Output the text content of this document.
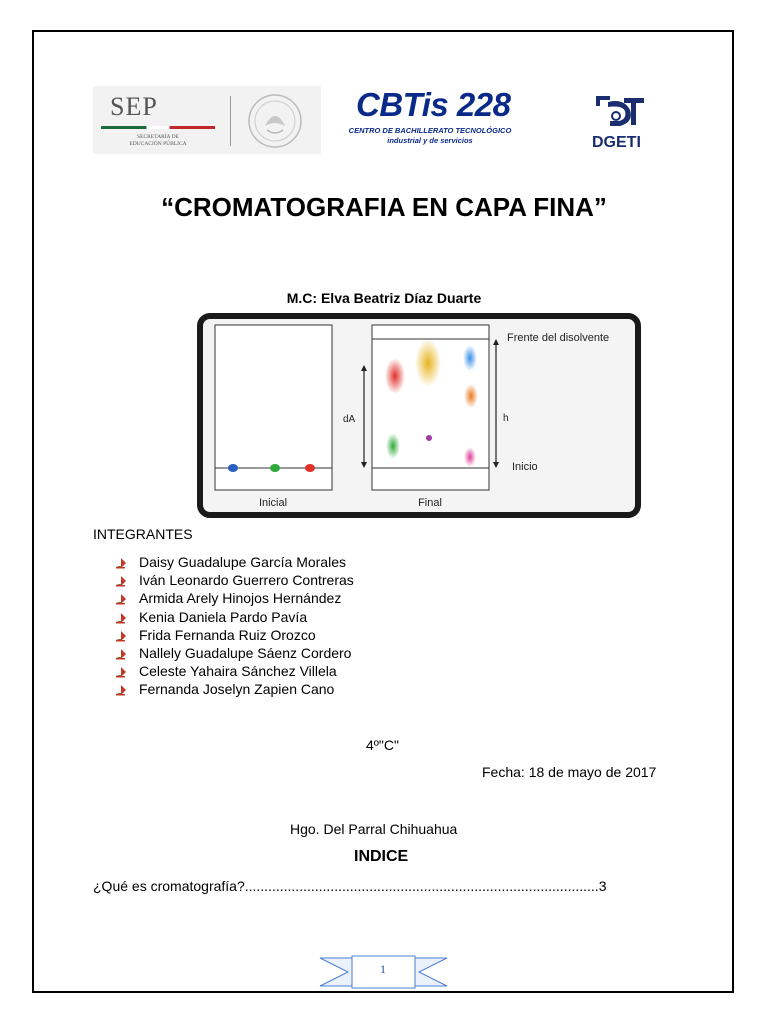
SEP
SECRETARÍA DE
EDUCACIÓN PÚBLICA
CBTis 228
CENTRO DE BACHILLERATO TECNOLÓGICO
industrial y de servicios	DGETI
“CROMATOGRAFIA EN CAPA FINA”
M.C: Elva Beatriz Díaz Duarte
Frente del disolvente
dA	h
Inicio
Inicial	Final
INTEGRANTES
Daisy Guadalupe García Morales
Iván Leonardo Guerrero Contreras
Armida Arely Hinojos Hernández
Kenia Daniela Pardo Pavía
Frida Fernanda Ruiz Orozco
Nallely Guadalupe Sáenz Cordero
Celeste Yahaira Sánchez Villela
Fernanda Joselyn Zapien Cano
4º"C"
Fecha: 18 de mayo de 2017
Hgo. Del Parral Chihuahua
INDICE
¿Qué es cromatografía?...........................................................................................3
1
